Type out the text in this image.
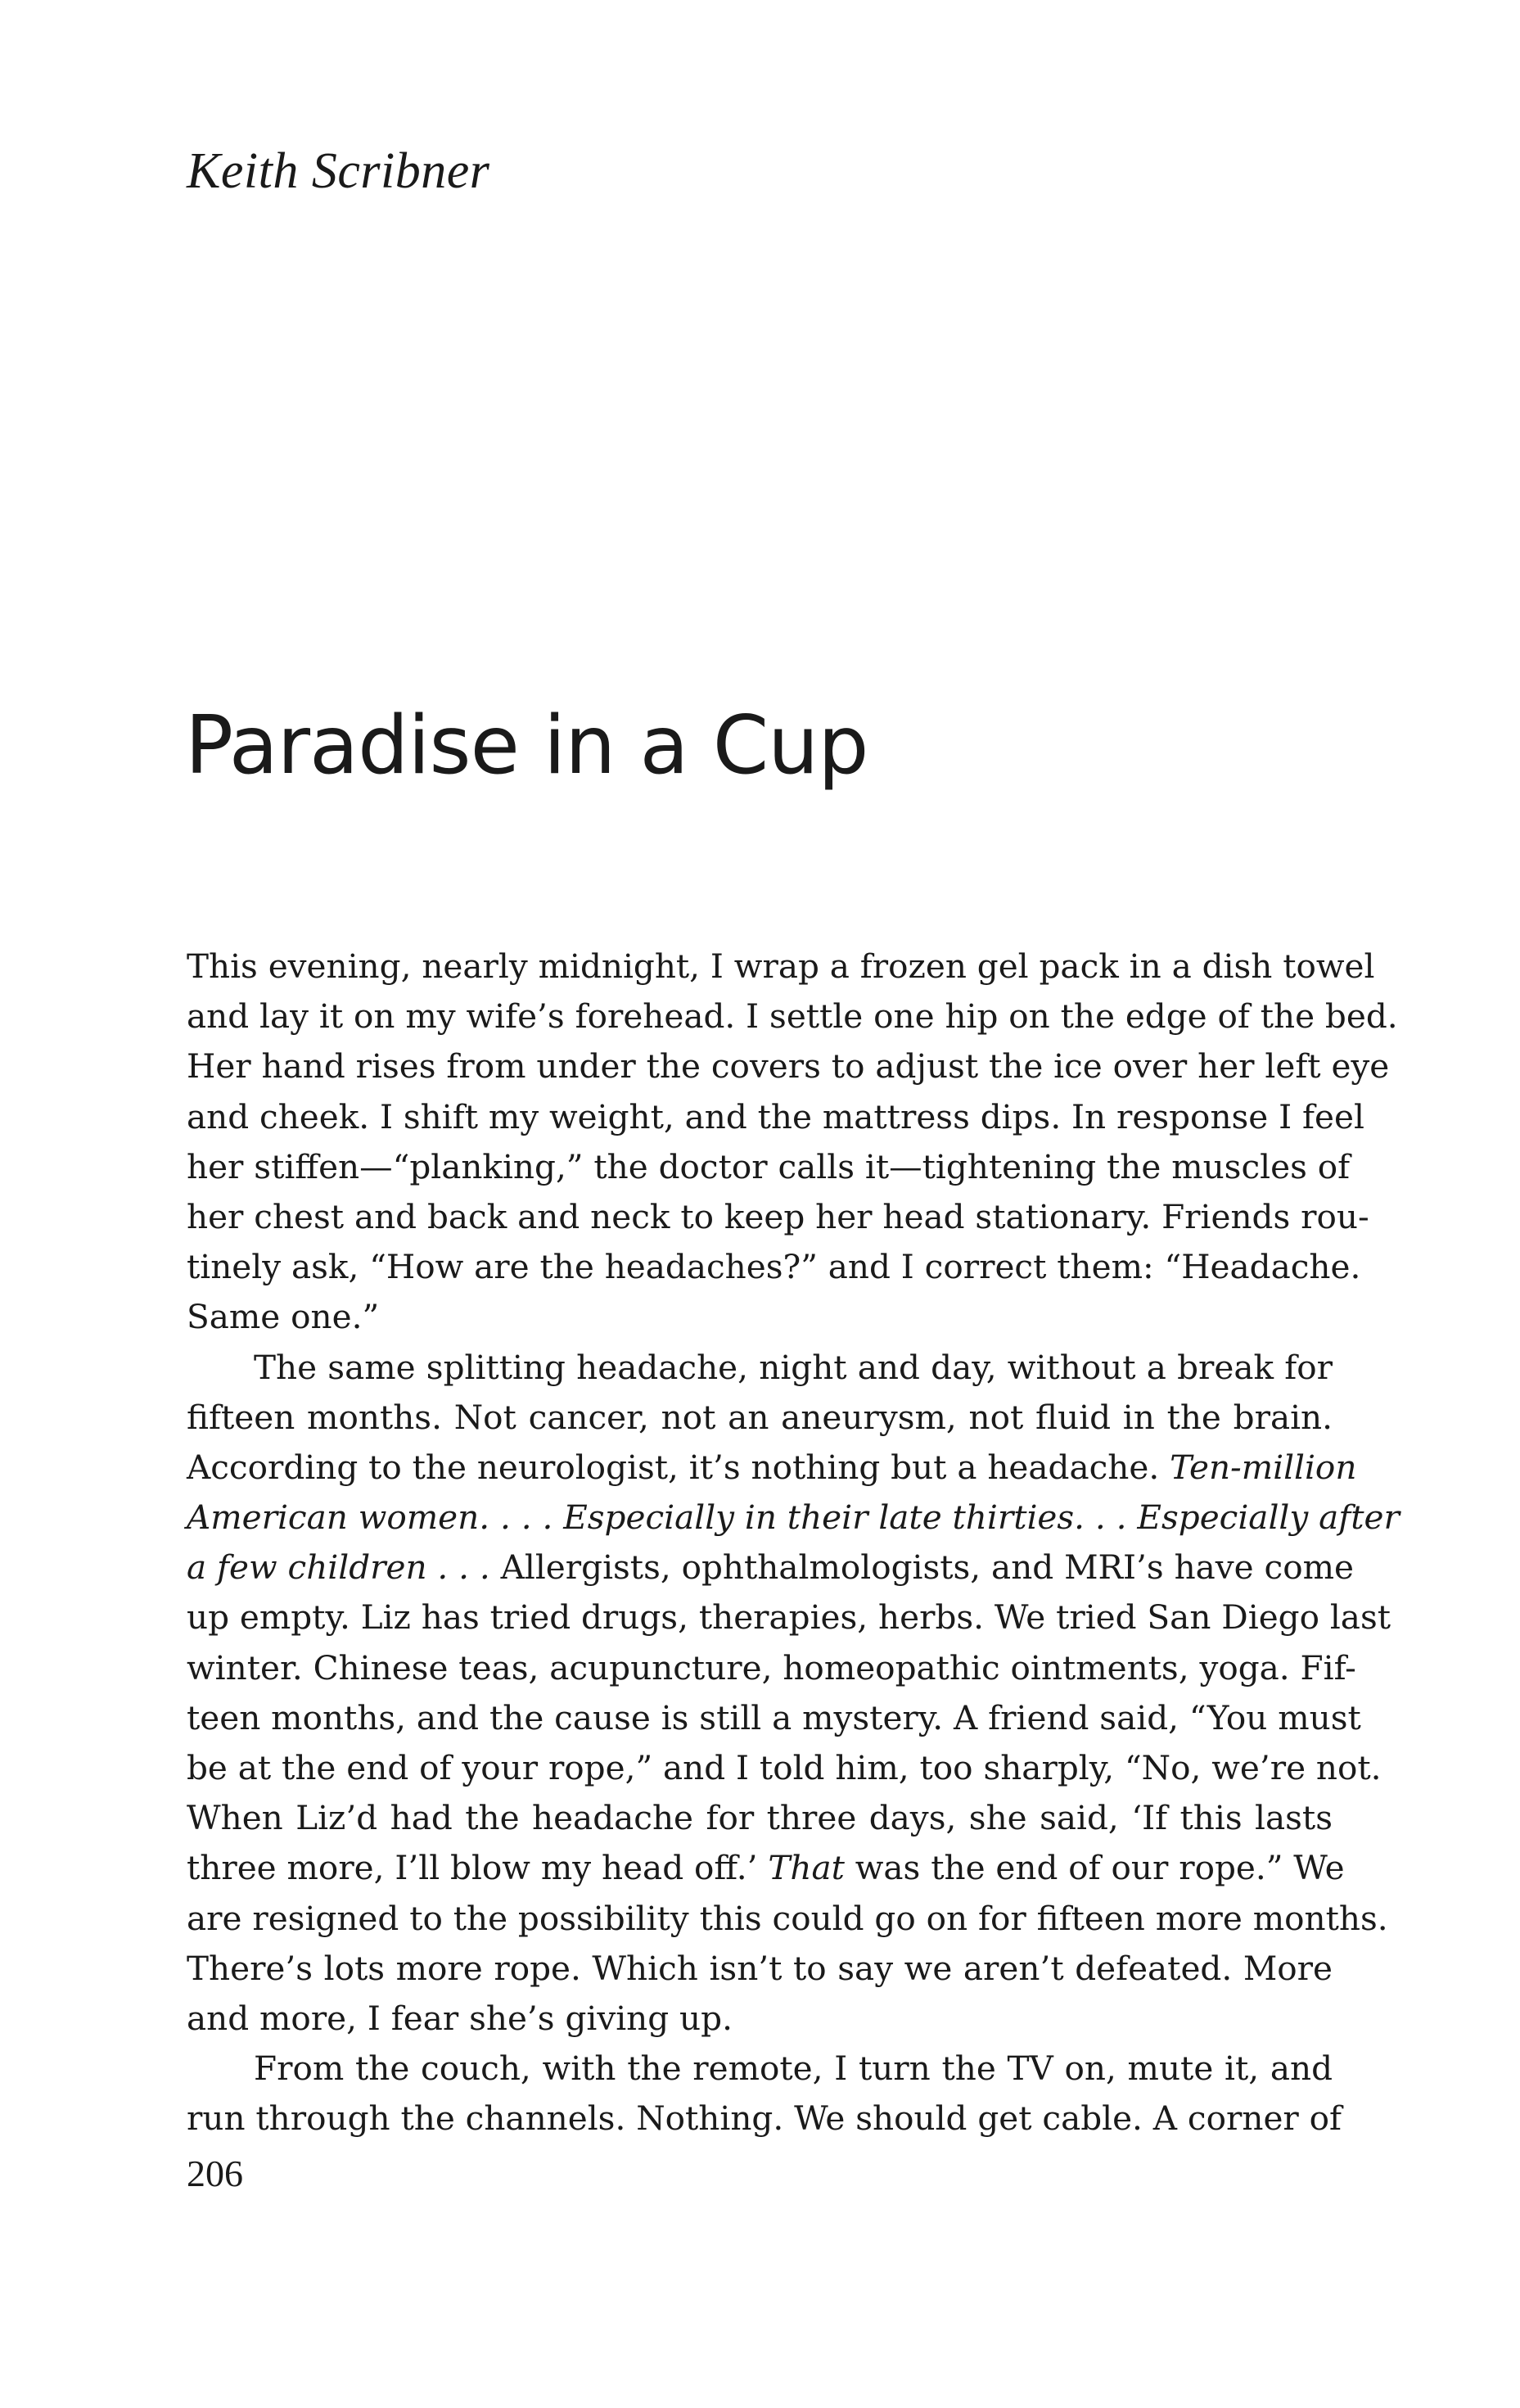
Keith Scribner
Paradise in a Cup
This evening, nearly midnight, I wrap a frozen gel pack in a dish towel
and lay it on my wife’s forehead. I settle one hip on the edge of the bed.
Her hand rises from under the covers to adjust the ice over her left eye
and cheek. I shift my weight, and the mattress dips. In response I feel
her stiffen—“planking,” the doctor calls it—tightening the muscles of
her chest and back and neck to keep her head stationary. Friends rou-
tinely ask, “How are the headaches?” and I correct them: “Headache.
Same one.”
The same splitting headache, night and day, without a break for
fifteen months. Not cancer, not an aneurysm, not fluid in the brain.
According to the neurologist, it’s nothing but a headache. Ten-million
American women. . . . Especially in their late thirties. . . Especially after
a few children . . . Allergists, ophthalmologists, and MRI’s have come
up empty. Liz has tried drugs, therapies, herbs. We tried San Diego last
winter. Chinese teas, acupuncture, homeopathic ointments, yoga. Fif-
teen months, and the cause is still a mystery. A friend said, “You must
be at the end of your rope,” and I told him, too sharply, “No, we’re not.
When Liz’d had the headache for three days, she said, ‘If this lasts
three more, I’ll blow my head off.’ That was the end of our rope.” We
are resigned to the possibility this could go on for fifteen more months.
There’s lots more rope. Which isn’t to say we aren’t defeated. More
and more, I fear she’s giving up.
From the couch, with the remote, I turn the TV on, mute it, and
run through the channels. Nothing. We should get cable. A corner of
206
